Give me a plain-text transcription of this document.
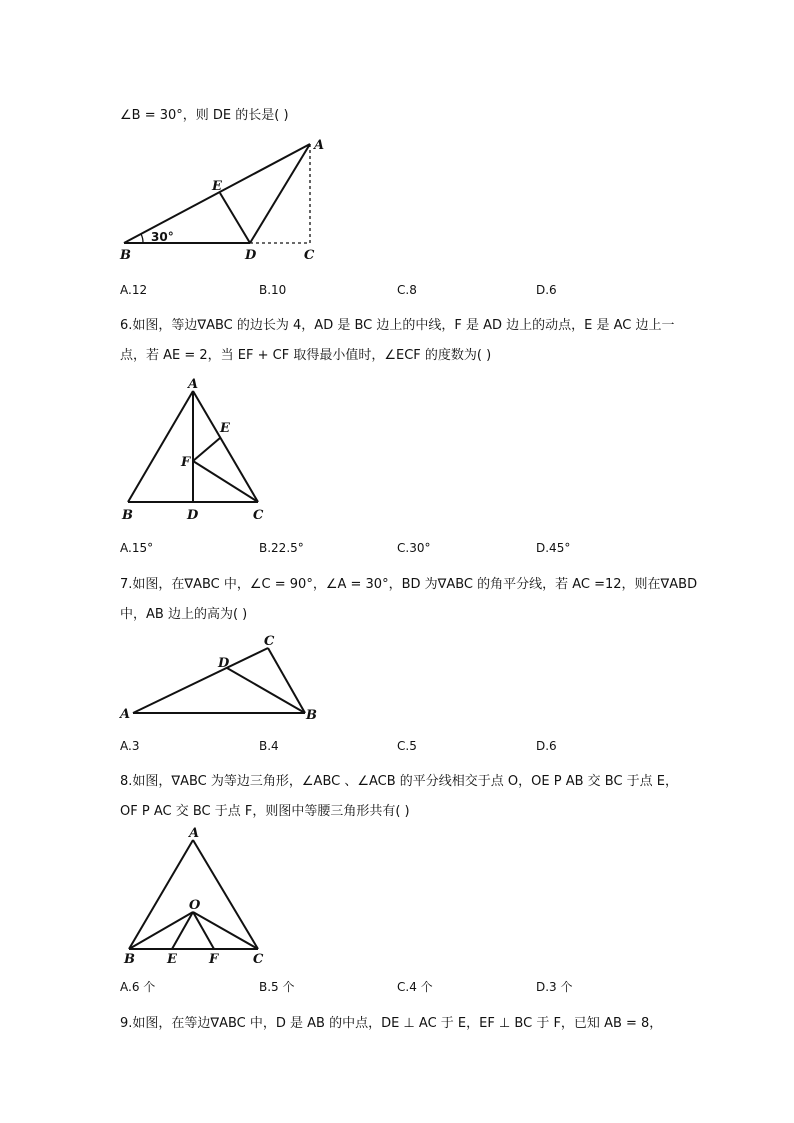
∠B = 30°，则 DE 的长是( )
A
E
B	D	C
30°
A.12	B.10	C.8	D.6
6.如图，等边∇ABC 的边长为 4，AD 是 BC 边上的中线，F 是 AD 边上的动点，E 是 AC 边上一
点，若 AE = 2，当 EF + CF 取得最小值时，∠ECF 的度数为( )
A
E
F
B	D	C
A.15°	B.22.5°	C.30°	D.45°
7.如图，在∇ABC 中，∠C = 90°，∠A = 30°，BD 为∇ABC 的角平分线，若 AC =12，则在∇ABD
中，AB 边上的高为( )
C
D
A	B
A.3	B.4	C.5	D.6
8.如图，∇ABC 为等边三角形，∠ABC 、∠ACB 的平分线相交于点 O，OE P AB 交 BC 于点 E，
OF P AC 交 BC 于点 F，则图中等腰三角形共有( )
A
O
B E F	C
A.6 个	B.5 个	C.4 个	D.3 个
9.如图，在等边∇ABC 中，D 是 AB 的中点，DE ⊥ AC 于 E，EF ⊥ BC 于 F，已知 AB = 8，
